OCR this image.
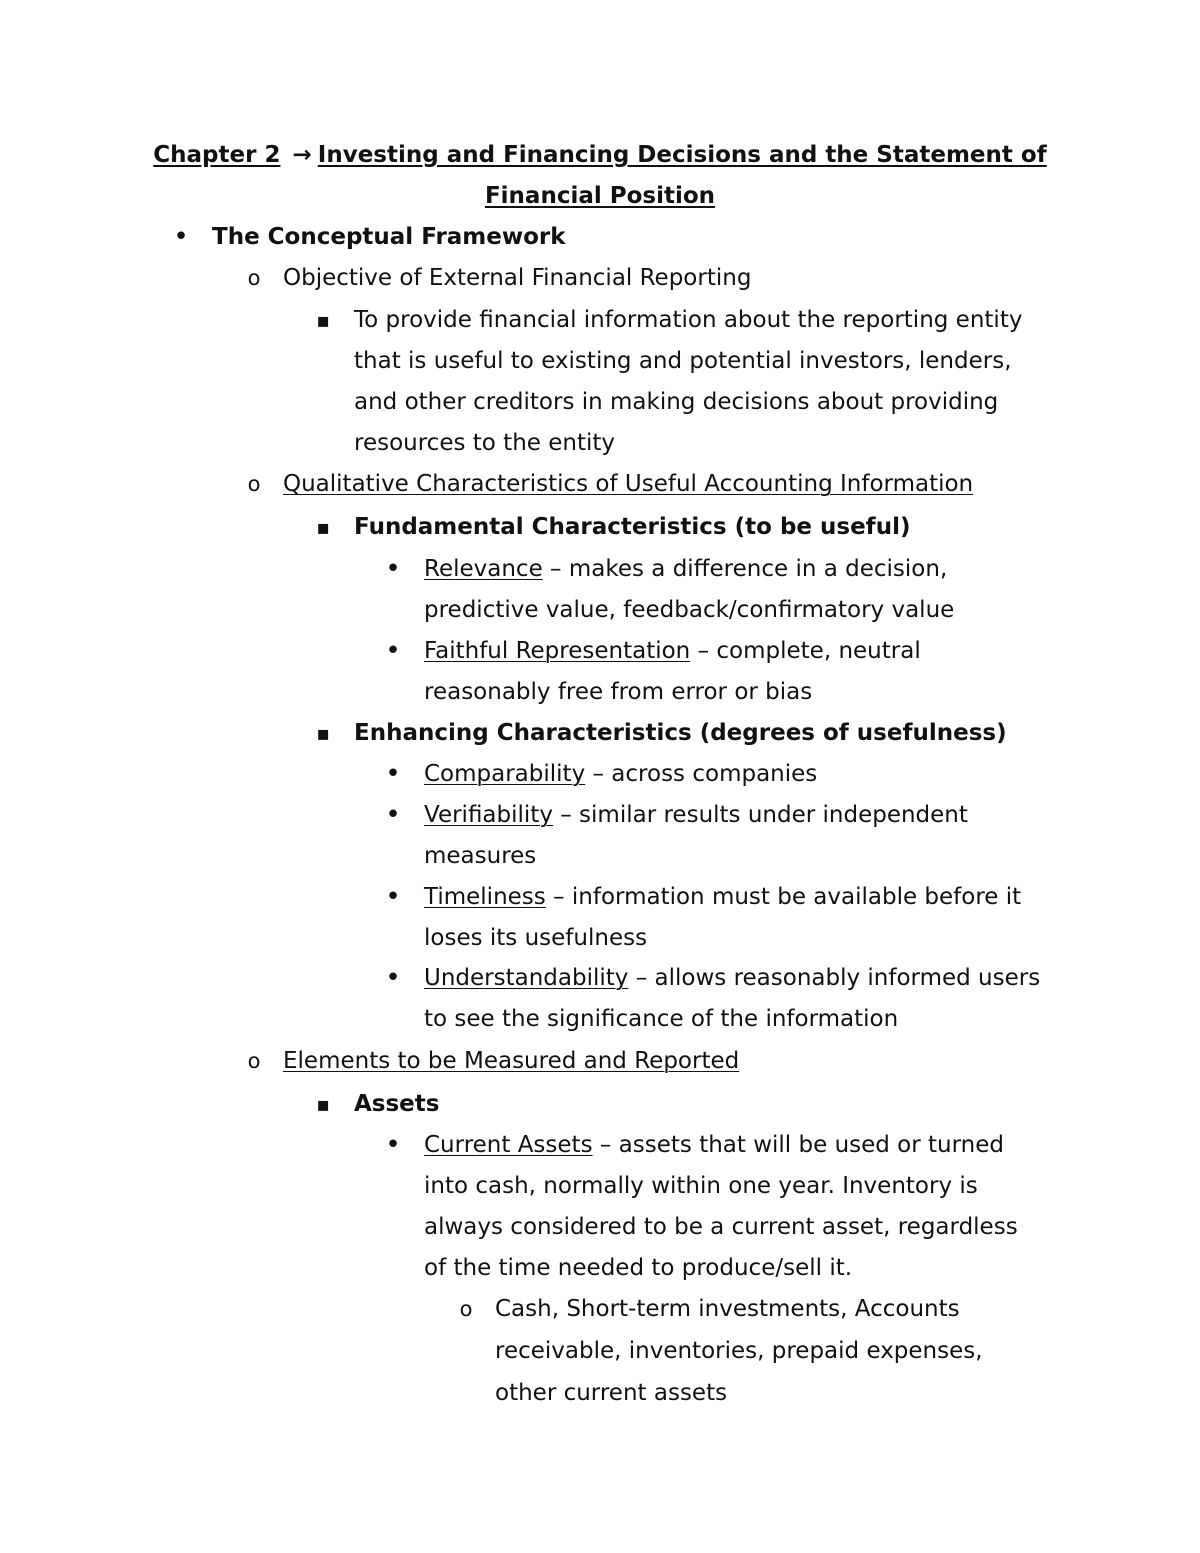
Chapter 2 → Investing and Financing Decisions and the Statement of
Financial Position
•
The Conceptual Framework
o
Objective of External Financial Reporting
▪
To provide financial information about the reporting entity
that is useful to existing and potential investors, lenders,
and other creditors in making decisions about providing
resources to the entity
o
Qualitative Characteristics of Useful Accounting Information
▪
Fundamental Characteristics (to be useful)
•
Relevance – makes a difference in a decision,
predictive value, feedback/confirmatory value
•
Faithful Representation – complete, neutral
reasonably free from error or bias
▪
Enhancing Characteristics (degrees of usefulness)
•
Comparability – across companies
•
Verifiability – similar results under independent
measures
•
Timeliness – information must be available before it
loses its usefulness
•
Understandability – allows reasonably informed users
to see the significance of the information
o
Elements to be Measured and Reported
▪
Assets
•
Current Assets – assets that will be used or turned
into cash, normally within one year. Inventory is
always considered to be a current asset, regardless
of the time needed to produce/sell it.
o
Cash, Short-term investments, Accounts
receivable, inventories, prepaid expenses,
other current assets
